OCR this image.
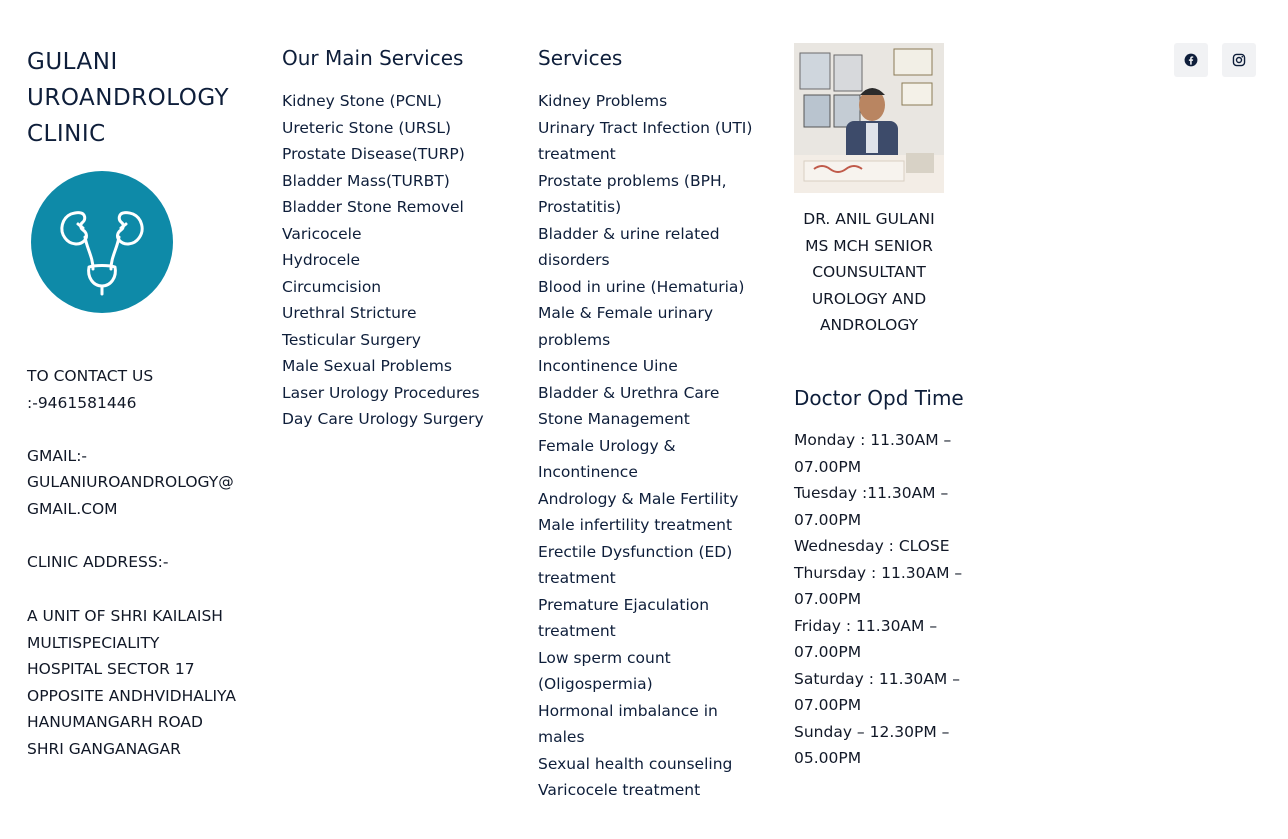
GULANI
UROANDROLOGY
CLINIC

TO CONTACT US
:-9461581446

GMAIL:-
GULANIUROANDROLOGY@
GMAIL.COM

CLINIC ADDRESS:-

A UNIT OF SHRI KAILAISH
MULTISPECIALITY
HOSPITAL SECTOR 17
OPPOSITE ANDHVIDHALIYA
HANUMANGARH ROAD
SHRI GANGANAGAR

Our Main Services
Kidney Stone (PCNL)
Ureteric Stone (URSL)
Prostate Disease(TURP)
Bladder Mass(TURBT)
Bladder Stone Removel
Varicocele
Hydrocele
Circumcision
Urethral Stricture
Testicular Surgery
Male Sexual Problems
Laser Urology Procedures
Day Care Urology Surgery
Services
Kidney Problems
Urinary Tract Infection (UTI) treatment
Prostate problems (BPH, Prostatitis)
Bladder & urine related disorders
Blood in urine (Hematuria)
Male & Female urinary problems
Incontinence Uine
Bladder & Urethra Care
Stone Management
Female Urology & Incontinence
Andrology & Male Fertility
Male infertility treatment
Erectile Dysfunction (ED) treatment
Premature Ejaculation treatment
Low sperm count (Oligospermia)
Hormonal imbalance in males
Sexual health counseling
Varicocele treatment
DR. ANIL GULANI
MS MCH SENIOR
COUNSULTANT
UROLOGY AND
ANDROLOGY
Doctor Opd Time
Monday : 11.30AM – 07.00PM
Tuesday :11.30AM – 07.00PM
Wednesday : CLOSE
Thursday : 11.30AM – 07.00PM
Friday : 11.30AM – 07.00PM
Saturday : 11.30AM – 07.00PM
Sunday – 12.30PM – 05.00PM
